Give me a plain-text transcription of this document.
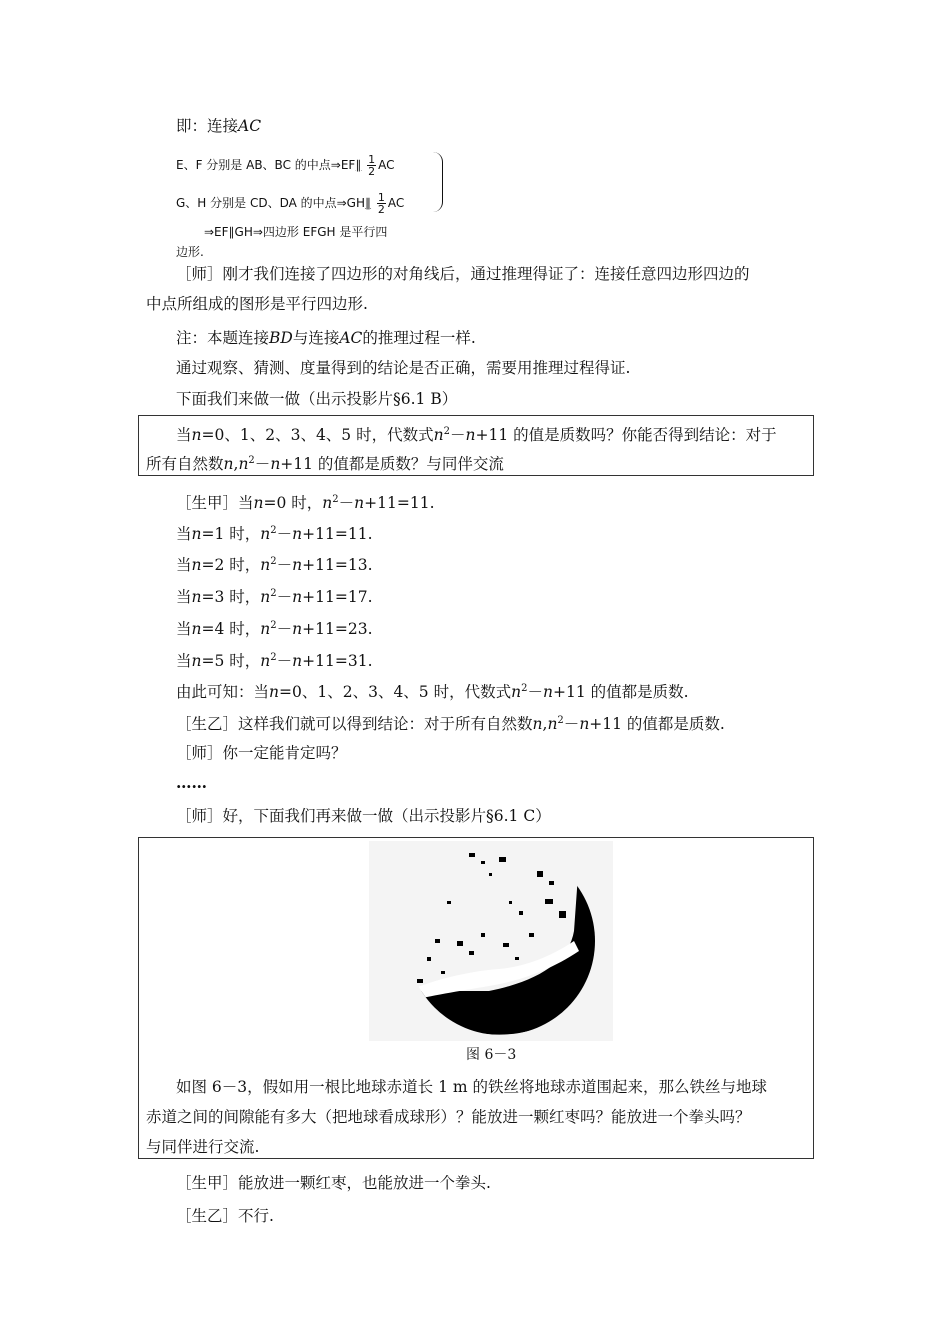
即：连接AC
E、F 分别是 AB、BC 的中点⇒EF∥ $\frac{1}{2}$ AC
G、H 分别是 CD、DA 的中点⇒GH∥ $\frac{1}{2}$ AC
⇒EF∥GH⇒四边形 EFGH 是平行四
边形.
［师］刚才我们连接了四边形的对角线后，通过推理得证了：连接任意四边形四边的
中点所组成的图形是平行四边形.
注：本题连接BD与连接AC的推理过程一样.
通过观察、猜测、度量得到的结论是否正确，需要用推理过程得证.
下面我们来做一做（出示投影片§6.1 B）
当n=0、1、2、3、4、5 时，代数式$n^2-n+11$ 的值是质数吗？你能否得到结论：对于
所有自然数$n,n^2-n+11$ 的值都是质数？与同伴交流
［生甲］当n=0 时，$n^2-n+11=11$.
当n=1 时，$n^2-n+11=11$.
当n=2 时，$n^2-n+11=13$.
当n=3 时，$n^2-n+11=17$.
当n=4 时，$n^2-n+11=23$.
当n=5 时，$n^2-n+11=31$.
由此可知：当n=0、1、2、3、4、5 时，代数式$n^2-n+11$ 的值都是质数.
［生乙］这样我们就可以得到结论：对于所有自然数$n,n^2-n+11$ 的值都是质数.
［师］你一定能肯定吗？
……
［师］好，下面我们再来做一做（出示投影片§6.1 C）
图 6－3
如图 6－3，假如用一根比地球赤道长 1 m 的铁丝将地球赤道围起来，那么铁丝与地球
赤道之间的间隙能有多大（把地球看成球形）？能放进一颗红枣吗？能放进一个拳头吗？
与同伴进行交流.
［生甲］能放进一颗红枣，也能放进一个拳头.
［生乙］不行.
